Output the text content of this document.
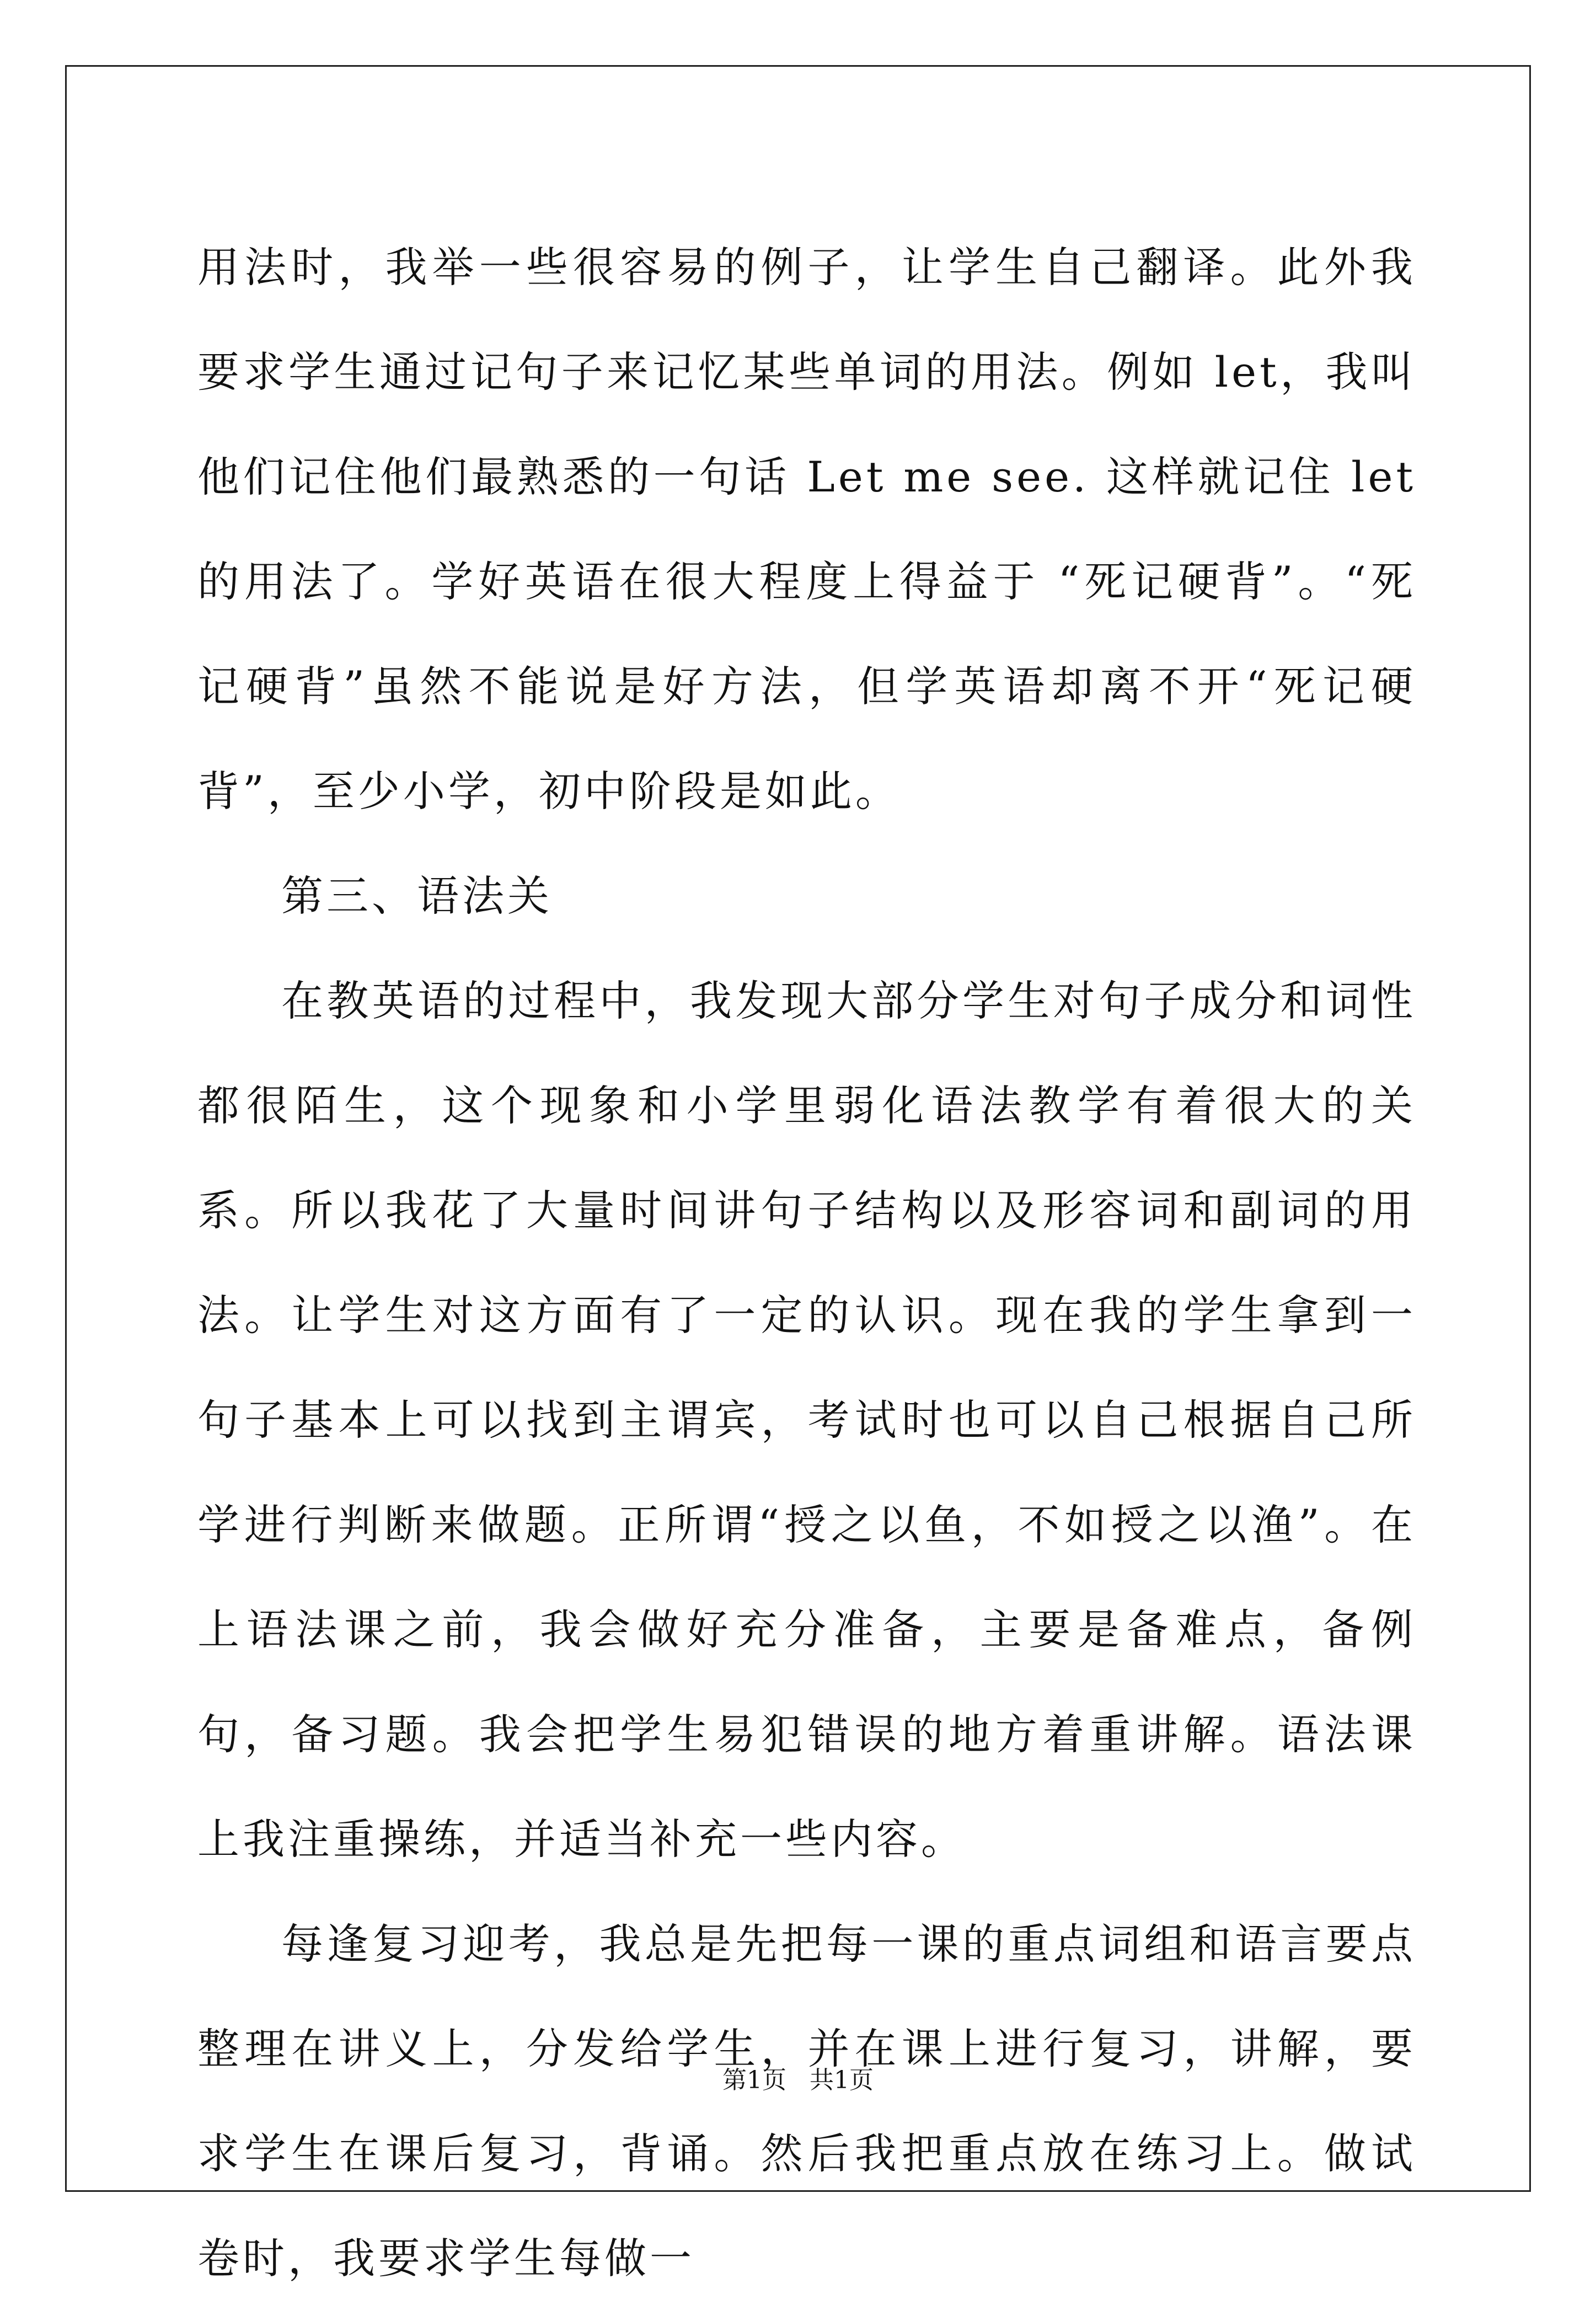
用法时，我举一些很容易的例子，让学生自己翻译。此外我要求学生通过记句子来记忆某些单词的用法。例如 let，我叫他们记住他们最熟悉的一句话 Let me see. 这样就记住 let 的用法了。学好英语在很大程度上得益于 “死记硬背”。“死记硬背”虽然不能说是好方法，但学英语却离不开“死记硬背”，至少小学，初中阶段是如此。

第三、语法关

在教英语的过程中，我发现大部分学生对句子成分和词性都很陌生，这个现象和小学里弱化语法教学有着很大的关系。所以我花了大量时间讲句子结构以及形容词和副词的用法。让学生对这方面有了一定的认识。现在我的学生拿到一句子基本上可以找到主谓宾，考试时也可以自己根据自己所学进行判断来做题。正所谓“授之以鱼，不如授之以渔”。在上语法课之前，我会做好充分准备，主要是备难点，备例句，备习题。我会把学生易犯错误的地方着重讲解。语法课上我注重操练，并适当补充一些内容。

每逢复习迎考，我总是先把每一课的重点词组和语言要点整理在讲义上，分发给学生，并在课上进行复习，讲解，要求学生在课后复习，背诵。然后我把重点放在练习上。做试卷时，我要求学生每做一

第1页 共1页
